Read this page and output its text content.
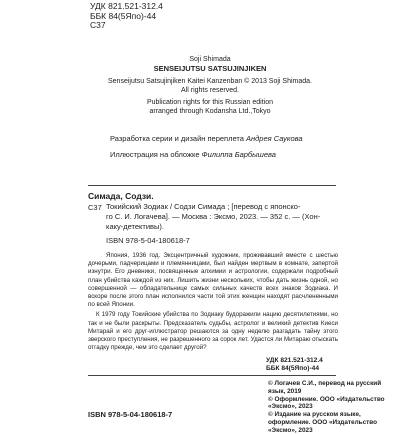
УДК 821.521-312.4
ББК 84(5Япо)-44
С37
Soji Shimada
SENSEIJUTSU SATSUJINJIKEN
Senseijutsu Satsujinjiken Kaitei Kanzenban © 2013 Soji Shimada.
All rights reserved.
Publication rights for this Russian edition
arranged through Kodansha Ltd.,Tokyo
Разработка серии и дизайн переплета Андрея Саукова
Иллюстрация на обложке Филиппа Барбышева
Симада, Содзи.
С37 Токийский Зодиак / Содзи Симада ; [перевод с японско-
го С. И. Логачева]. — Москва : Эксмо, 2023. — 352 с. — (Хон-
каку-детективы).
ISBN 978-5-04-180618-7

Япония, 1936 год. Эксцентричный художник, проживавший вместе с шестью дочерьми, падчерицами и племянницами, был найден мертвым в комнате, запертой изнутри. Его дневники, посвященные алхимии и астрологии, содержали подробный план убийства каждой из них. Лишить жизни нескольких, чтобы дать жизнь одной, но совершенной — обладательнице самых сильных качеств всех знаков Зодиака. И вскоре после этого план исполнился части той этих женщин находят расчлененными по всей Японии.

К 1979 году Токийские убийства по Зодиаку будоражили нацию десятилетиями, но так и не были раскрыты. Предсказатель судьбы, астролог и великий детектив Киеси Митарай и его друг-иллюстратор решаются за одну неделю разгадать тайну этого зверского преступления, не разрешенного за сорок лет. Удастся ли Митараю отыскать отгадку прежде, чем это сделает другой?

УДК 821.521-312.4
ББК 84(5Япо)-44
© Логачев С.И., перевод на русский
язык, 2019
© Оформление. ООО «Издательство
«Эксмо», 2023
© Издание на русском языке,
оформление. ООО «Издательство
«Эксмо», 2023
ISBN 978-5-04-180618-7
